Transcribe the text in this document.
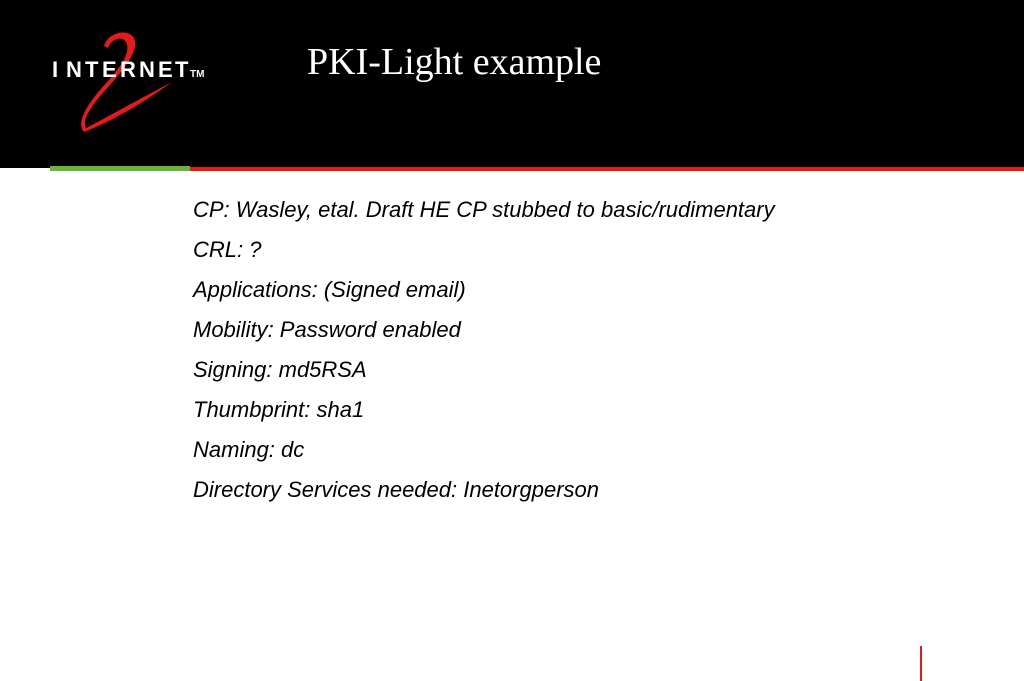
I N T E R N E T TM	PKI-Light example
CP: Wasley, etal. Draft HE CP stubbed to basic/rudimentary
CRL: ?
Applications: (Signed email)
Mobility: Password enabled
Signing: md5RSA
Thumbprint: sha1
Naming: dc
Directory Services needed: Inetorgperson
